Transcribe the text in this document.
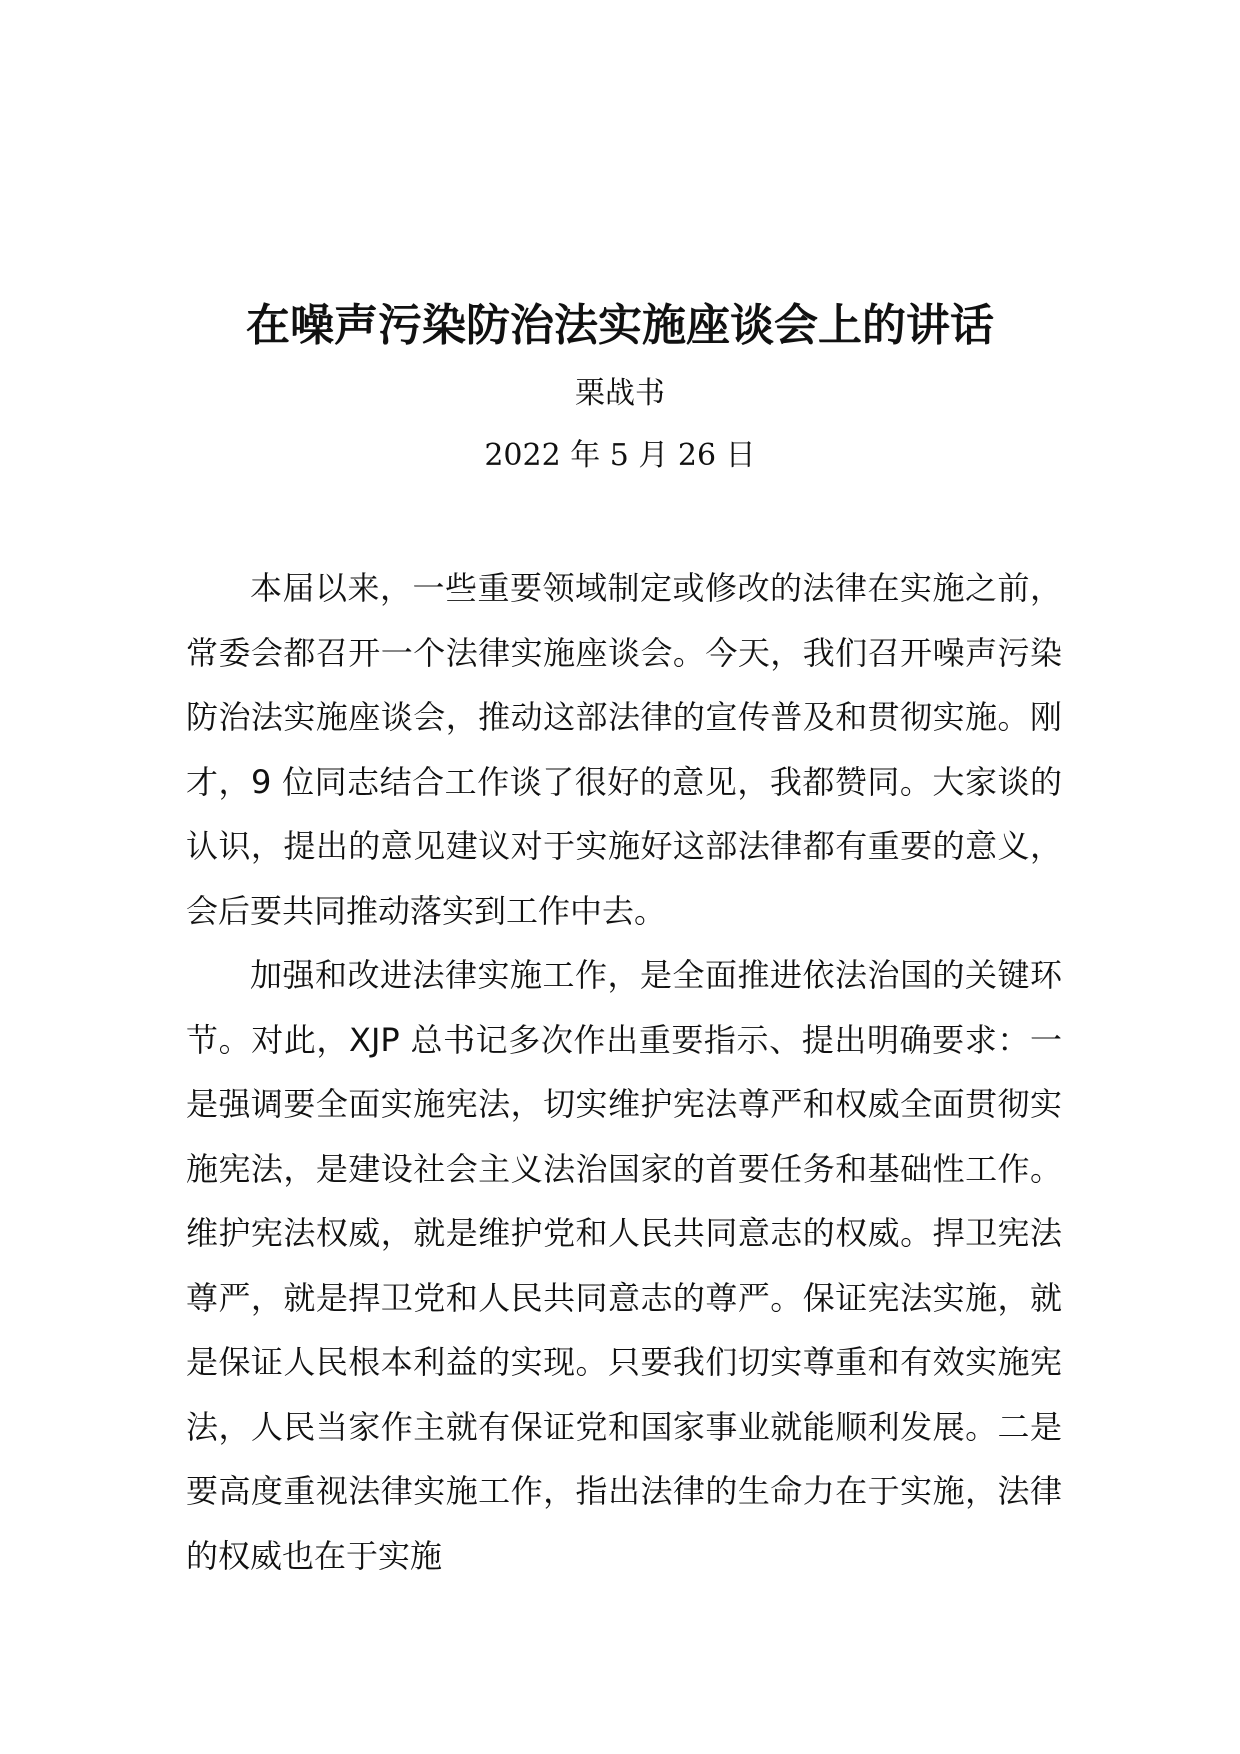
在噪声污染防治法实施座谈会上的讲话
栗战书
2022 年 5 月 26 日

本届以来，一些重要领域制定或修改的法律在实施之前，常委会都召开一个法律实施座谈会。今天，我们召开噪声污染防治法实施座谈会，推动这部法律的宣传普及和贯彻实施。刚才，9 位同志结合工作谈了很好的意见，我都赞同。大家谈的认识，提出的意见建议对于实施好这部法律都有重要的意义，会后要共同推动落实到工作中去。

加强和改进法律实施工作，是全面推进依法治国的关键环节。对此，XJP 总书记多次作出重要指示、提出明确要求：一是强调要全面实施宪法，切实维护宪法尊严和权威全面贯彻实施宪法，是建设社会主义法治国家的首要任务和基础性工作。维护宪法权威，就是维护党和人民共同意志的权威。捍卫宪法尊严，就是捍卫党和人民共同意志的尊严。保证宪法实施，就是保证人民根本利益的实现。只要我们切实尊重和有效实施宪法，人民当家作主就有保证党和国家事业就能顺利发展。二是要高度重视法律实施工作，指出法律的生命力在于实施，法律的权威也在于实施
